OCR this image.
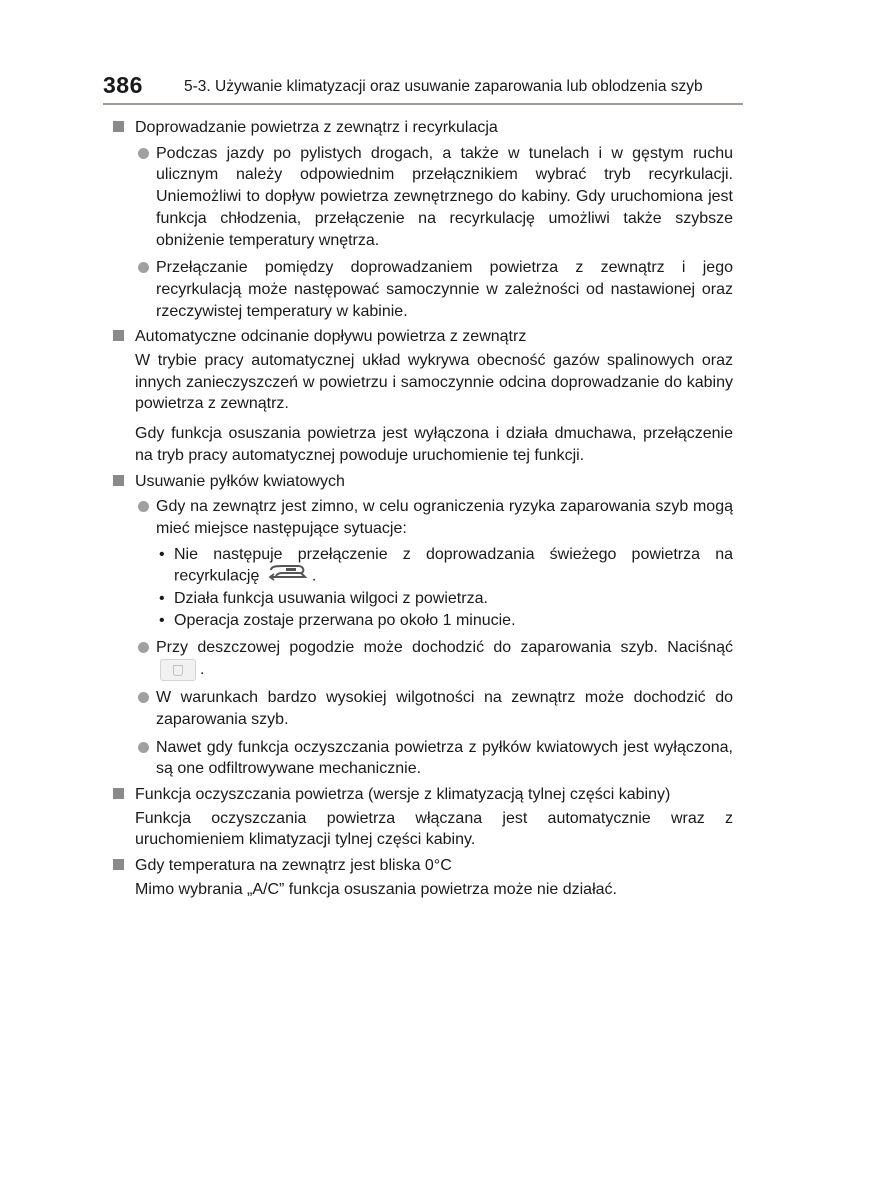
386	5-3. Używanie klimatyzacji oraz usuwanie zaparowania lub oblodzenia szyb
Doprowadzanie powietrza z zewnątrz i recyrkulacja
Podczas jazdy po pylistych drogach, a także w tunelach i w gęstym ruchu ulicznym należy odpowiednim przełącznikiem wybrać tryb recyrkulacji. Uniemożliwi to dopływ powietrza zewnętrznego do kabiny. Gdy uruchomiona jest funkcja chłodzenia, przełączenie na recyrkulację umożliwi także szybsze obniżenie temperatury wnętrza.
Przełączanie pomiędzy doprowadzaniem powietrza z zewnątrz i jego recyrkulacją może następować samoczynnie w zależności od nastawionej oraz rzeczywistej temperatury w kabinie.
Automatyczne odcinanie dopływu powietrza z zewnątrz
W trybie pracy automatycznej układ wykrywa obecność gazów spalinowych oraz innych zanieczyszczeń w powietrzu i samoczynnie odcina doprowadzanie do kabiny powietrza z zewnątrz.
Gdy funkcja osuszania powietrza jest wyłączona i działa dmuchawa, przełączenie na tryb pracy automatycznej powoduje uruchomienie tej funkcji.
Usuwanie pyłków kwiatowych
Gdy na zewnątrz jest zimno, w celu ograniczenia ryzyka zaparowania szyb mogą mieć miejsce następujące sytuacje:
• Nie następuje przełączenie z doprowadzania świeżego powietrza na recyrkulację	.
• Działa funkcja usuwania wilgoci z powietrza.
• Operacja zostaje przerwana po około 1 minucie.
Przy deszczowej pogodzie może dochodzić do zaparowania szyb. Naciśnąć
.
W warunkach bardzo wysokiej wilgotności na zewnątrz może dochodzić do zaparowania szyb.
Nawet gdy funkcja oczyszczania powietrza z pyłków kwiatowych jest wyłączona, są one odfiltrowywane mechanicznie.
Funkcja oczyszczania powietrza (wersje z klimatyzacją tylnej części kabiny)
Funkcja oczyszczania powietrza włączana jest automatycznie wraz z uruchomieniem klimatyzacji tylnej części kabiny.
Gdy temperatura na zewnątrz jest bliska 0°C
Mimo wybrania „A/C” funkcja osuszania powietrza może nie działać.
